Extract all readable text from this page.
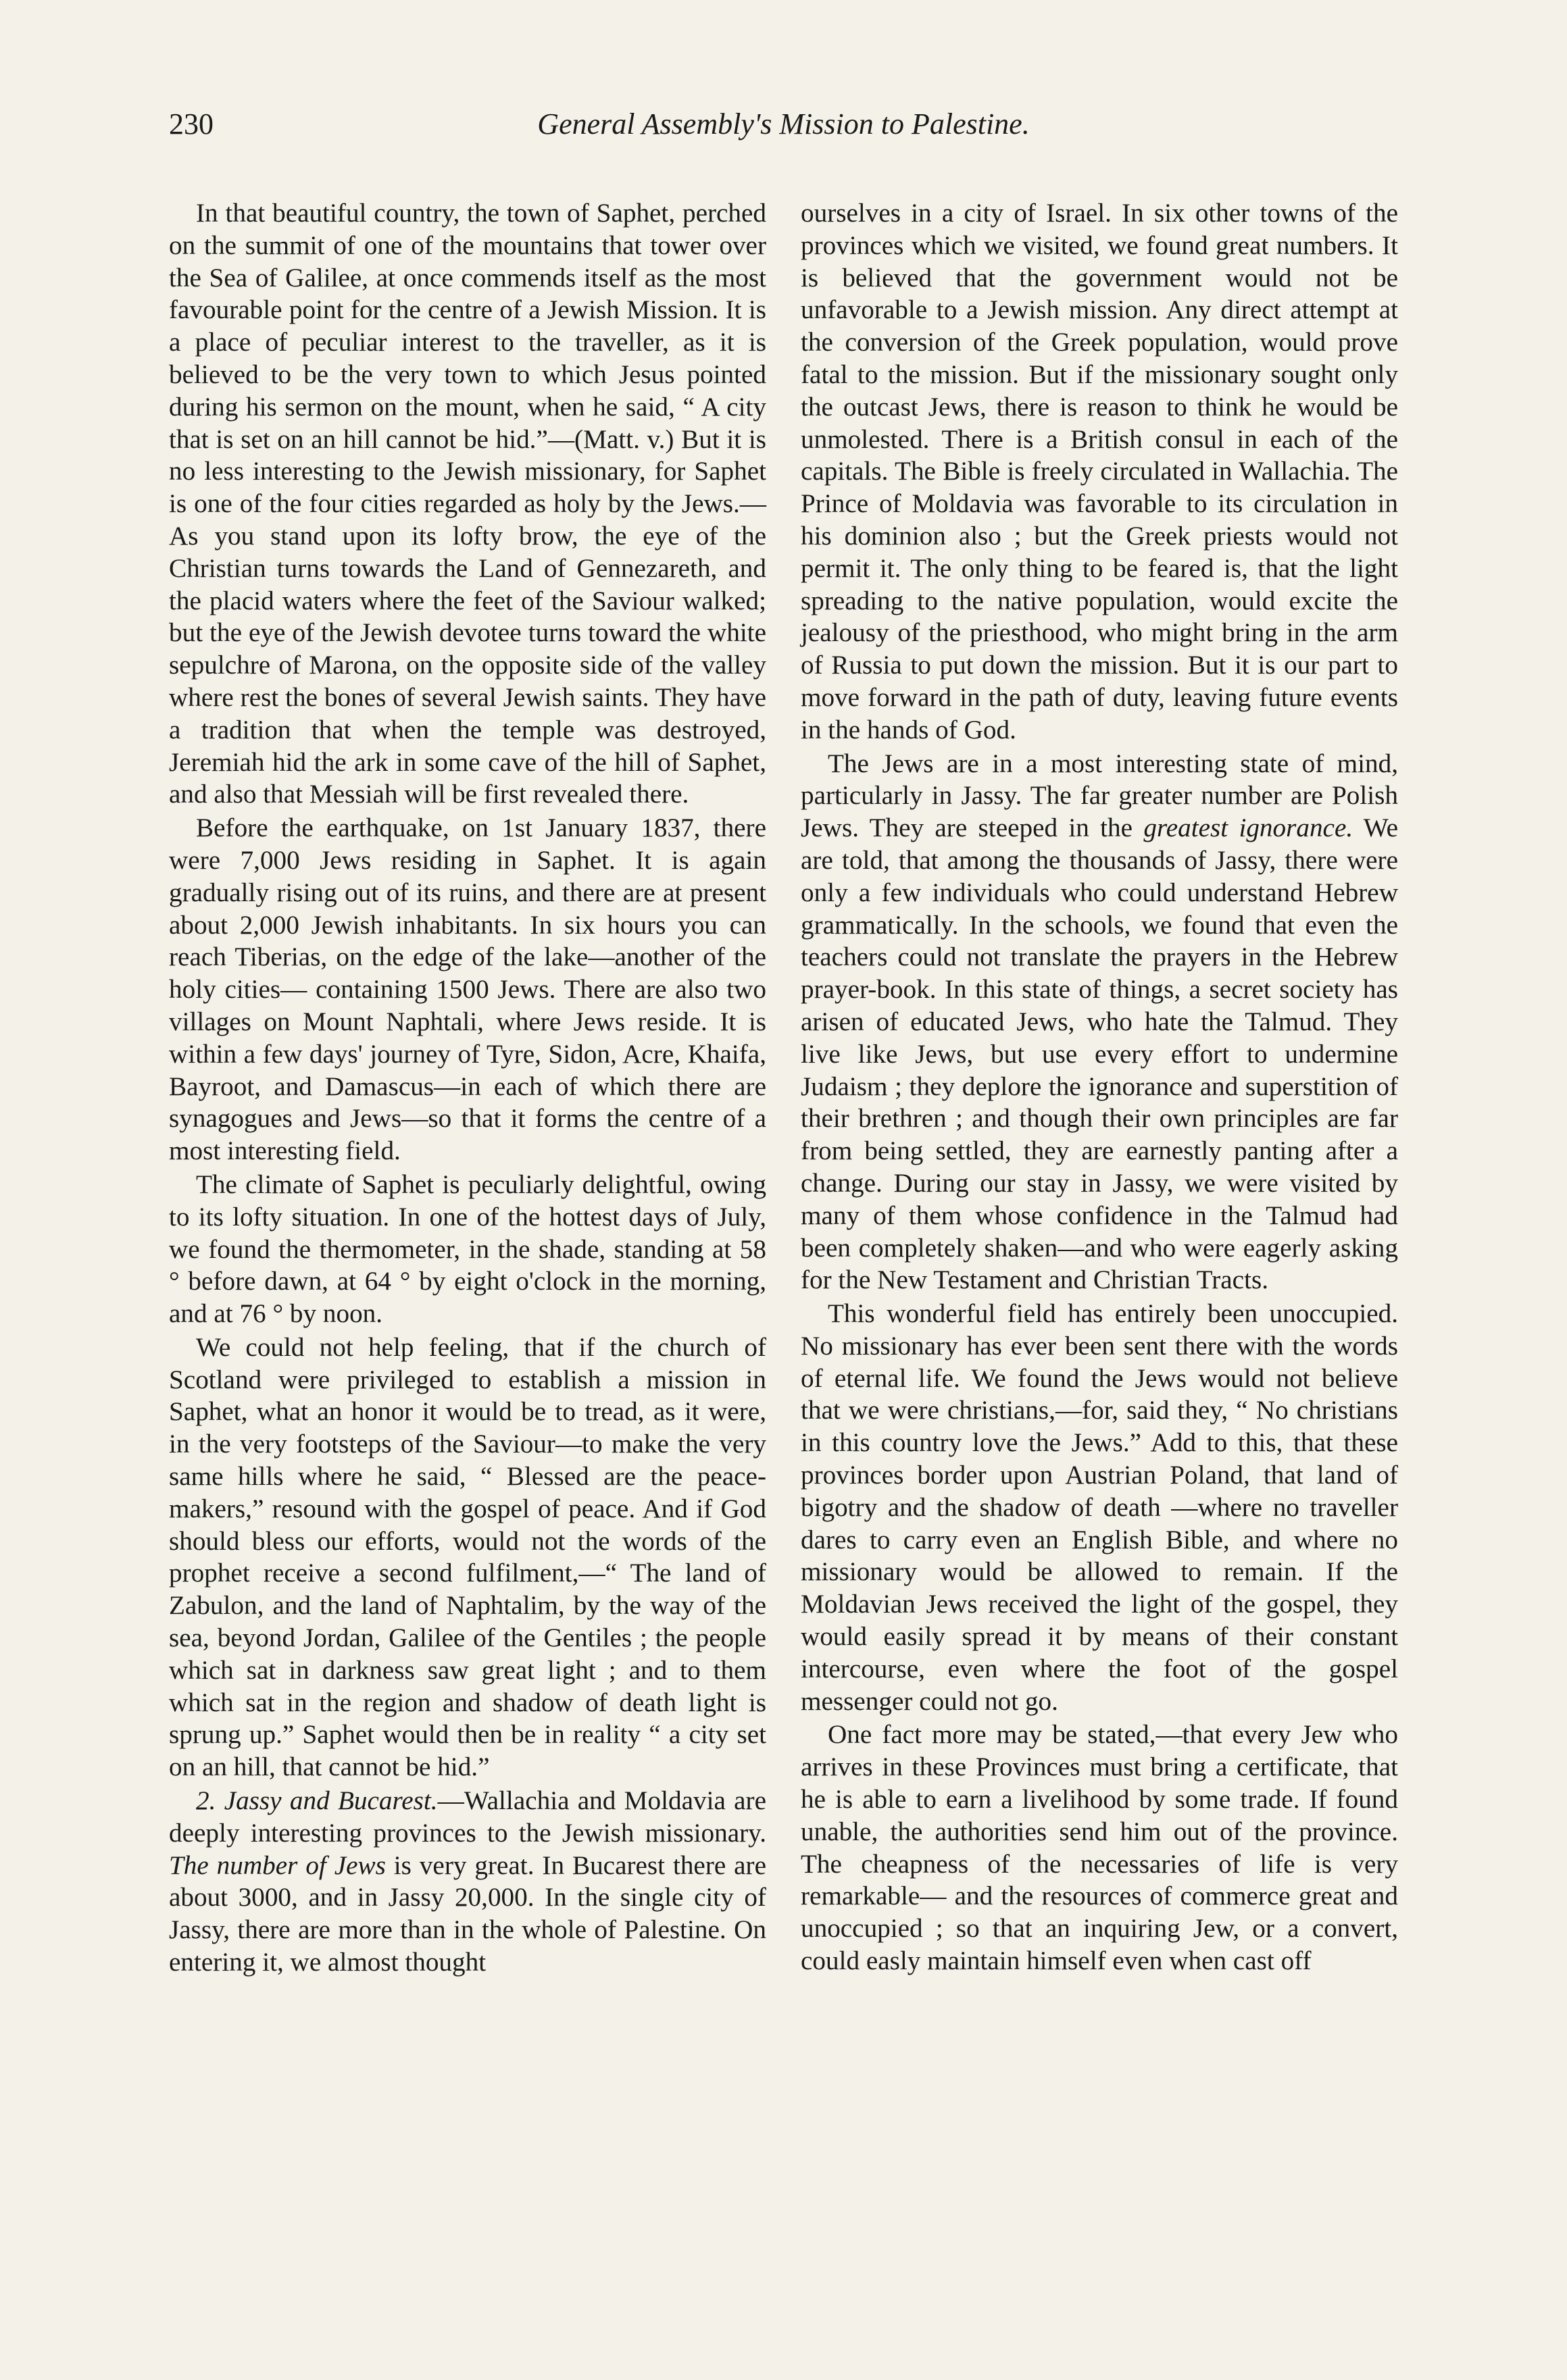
230	General Assembly's Mission to Palestine.

In that beautiful country, the town of Saphet, perched on the summit of one of the mountains that tower over the Sea of Galilee, at once commends itself as the most favourable point for the centre of a Jewish Mission. It is a place of peculiar interest to the traveller, as it is believed to be the very town to which Jesus pointed during his sermon on the mount, when he said, “ A city that is set on an hill cannot be hid.”—(Matt. v.) But it is no less interesting to the Jewish missionary, for Saphet is one of the four cities regarded as holy by the Jews.— As you stand upon its lofty brow, the eye of the Christian turns towards the Land of Gennezareth, and the placid waters where the feet of the Saviour walked; but the eye of the Jewish devotee turns toward the white sepulchre of Marona, on the opposite side of the valley where rest the bones of several Jewish saints. They have a tradition that when the temple was destroyed, Jeremiah hid the ark in some cave of the hill of Saphet, and also that Messiah will be first revealed there.

Before the earthquake, on 1st January 1837, there were 7,000 Jews residing in Saphet. It is again gradually rising out of its ruins, and there are at present about 2,000 Jewish inhabitants. In six hours you can reach Tiberias, on the edge of the lake—another of the holy cities— containing 1500 Jews. There are also two villages on Mount Naphtali, where Jews reside. It is within a few days' journey of Tyre, Sidon, Acre, Khaifa, Bayroot, and Damascus—in each of which there are synagogues and Jews—so that it forms the centre of a most interesting field.

The climate of Saphet is peculiarly delightful, owing to its lofty situation. In one of the hottest days of July, we found the thermometer, in the shade, standing at 58 ° before dawn, at 64 ° by eight o'clock in the morning, and at 76 ° by noon.

We could not help feeling, that if the church of Scotland were privileged to establish a mission in Saphet, what an honor it would be to tread, as it were, in the very footsteps of the Saviour—to make the very same hills where he said, “ Blessed are the peace-makers,” resound with the gospel of peace. And if God should bless our efforts, would not the words of the prophet receive a second fulfilment,—“ The land of Zabulon, and the land of Naphtalim, by the way of the sea, beyond Jordan, Galilee of the Gentiles ; the people which sat in darkness saw great light ; and to them which sat in the region and shadow of death light is sprung up.” Saphet would then be in reality “ a city set on an hill, that cannot be hid.”

2. Jassy and Bucarest.—Wallachia and Moldavia are deeply interesting provinces to the Jewish missionary. The number of Jews is very great. In Bucarest there are about 3000, and in Jassy 20,000. In the single city of Jassy, there are more than in the whole of Palestine. On entering it, we almost thought

ourselves in a city of Israel. In six other towns of the provinces which we visited, we found great numbers. It is believed that the government would not be unfavorable to a Jewish mission. Any direct attempt at the conversion of the Greek population, would prove fatal to the mission. But if the missionary sought only the outcast Jews, there is reason to think he would be unmolested. There is a British consul in each of the capitals. The Bible is freely circulated in Wallachia. The Prince of Moldavia was favorable to its circulation in his dominion also ; but the Greek priests would not permit it. The only thing to be feared is, that the light spreading to the native population, would excite the jealousy of the priesthood, who might bring in the arm of Russia to put down the mission. But it is our part to move forward in the path of duty, leaving future events in the hands of God.

The Jews are in a most interesting state of mind, particularly in Jassy. The far greater number are Polish Jews. They are steeped in the greatest ignorance. We are told, that among the thousands of Jassy, there were only a few individuals who could understand Hebrew grammatically. In the schools, we found that even the teachers could not translate the prayers in the Hebrew prayer-book. In this state of things, a secret society has arisen of educated Jews, who hate the Talmud. They live like Jews, but use every effort to undermine Judaism ; they deplore the ignorance and superstition of their brethren ; and though their own principles are far from being settled, they are earnestly panting after a change. During our stay in Jassy, we were visited by many of them whose confidence in the Talmud had been completely shaken—and who were eagerly asking for the New Testament and Christian Tracts.

This wonderful field has entirely been unoccupied. No missionary has ever been sent there with the words of eternal life. We found the Jews would not believe that we were christians,—for, said they, “ No christians in this country love the Jews.” Add to this, that these provinces border upon Austrian Poland, that land of bigotry and the shadow of death —where no traveller dares to carry even an English Bible, and where no missionary would be allowed to remain. If the Moldavian Jews received the light of the gospel, they would easily spread it by means of their constant intercourse, even where the foot of the gospel messenger could not go.

One fact more may be stated,—that every Jew who arrives in these Provinces must bring a certificate, that he is able to earn a livelihood by some trade. If found unable, the authorities send him out of the province. The cheapness of the necessaries of life is very remarkable— and the resources of commerce great and unoccupied ; so that an inquiring Jew, or a convert, could easly maintain himself even when cast off
